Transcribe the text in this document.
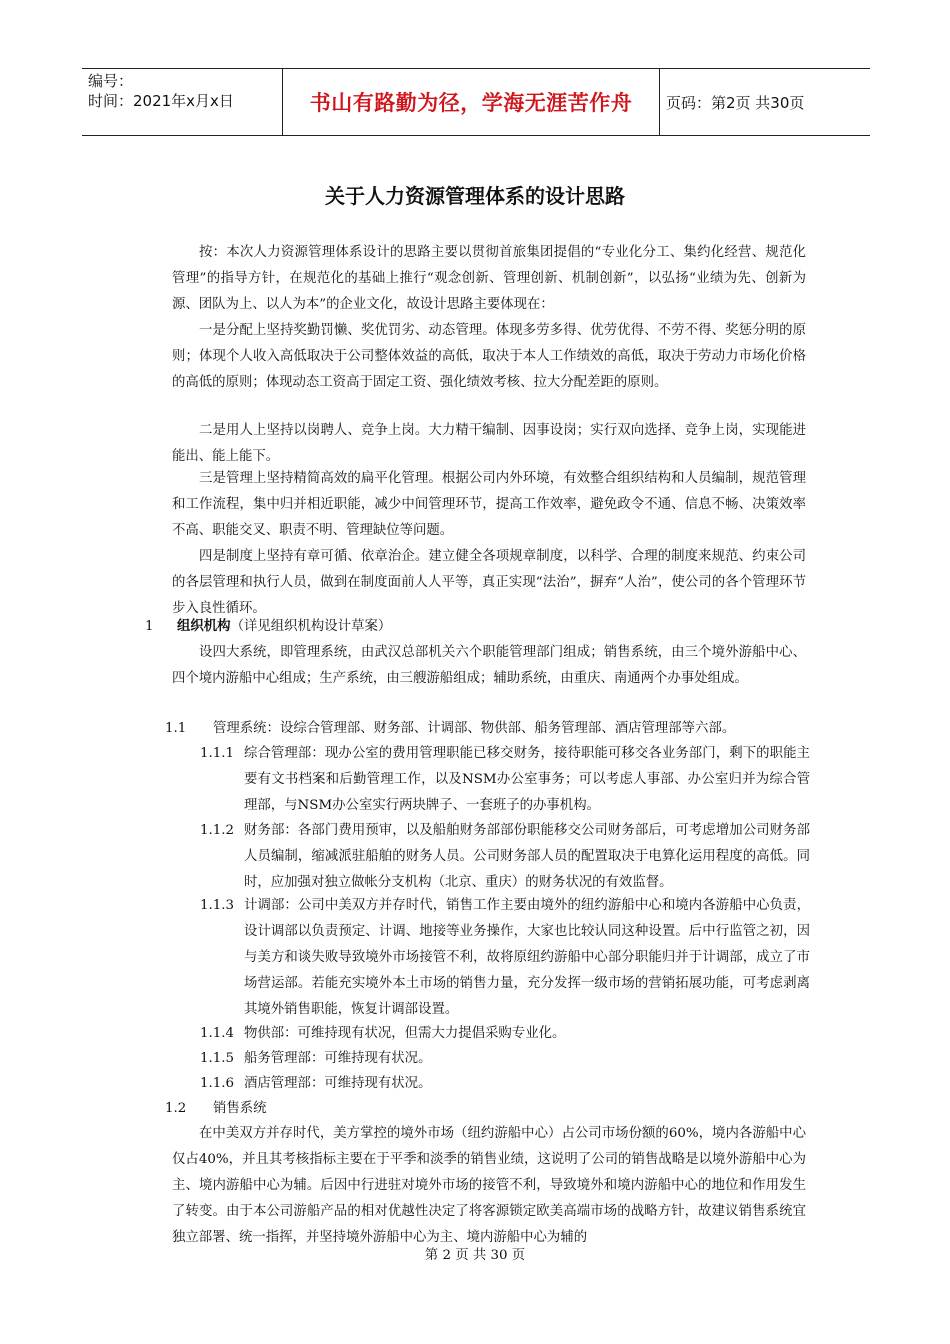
编号：
时间：2021年x月x日	书山有路勤为径，学海无涯苦作舟	页码：第2页 共30页
关于人力资源管理体系的设计思路

按：本次人力资源管理体系设计的思路主要以贯彻首旅集团提倡的“专业化分工、集约化经营、规范化管理”的指导方针，在规范化的基础上推行“观念创新、管理创新、机制创新”，以弘扬“业绩为先、创新为源、团队为上、以人为本”的企业文化，故设计思路主要体现在：

一是分配上坚持奖勤罚懒、奖优罚劣、动态管理。体现多劳多得、优劳优得、不劳不得、奖惩分明的原则；体现个人收入高低取决于公司整体效益的高低，取决于本人工作绩效的高低，取决于劳动力市场化价格的高低的原则；体现动态工资高于固定工资、强化绩效考核、拉大分配差距的原则。

二是用人上坚持以岗聘人、竞争上岗。大力精干编制、因事设岗；实行双向选择、竞争上岗，实现能进能出、能上能下。

三是管理上坚持精简高效的扁平化管理。根据公司内外环境，有效整合组织结构和人员编制，规范管理和工作流程，集中归并相近职能，减少中间管理环节，提高工作效率，避免政令不通、信息不畅、决策效率不高、职能交叉、职责不明、管理缺位等问题。

四是制度上坚持有章可循、依章治企。建立健全各项规章制度，以科学、合理的制度来规范、约束公司的各层管理和执行人员，做到在制度面前人人平等，真正实现“法治”，摒弃“人治”，使公司的各个管理环节步入良性循环。

1 组织机构（详见组织机构设计草案）

设四大系统，即管理系统，由武汉总部机关六个职能管理部门组成；销售系统，由三个境外游船中心、四个境内游船中心组成；生产系统，由三艘游船组成；辅助系统，由重庆、南通两个办事处组成。

1.1 管理系统：设综合管理部、财务部、计调部、物供部、船务管理部、酒店管理部等六部。
1.1.1 综合管理部：现办公室的费用管理职能已移交财务，接待职能可移交各业务部门，剩下的职能主要有文书档案和后勤管理工作，以及NSM办公室事务；可以考虑人事部、办公室归并为综合管理部，与NSM办公室实行两块牌子、一套班子的办事机构。
1.1.2 财务部：各部门费用预审，以及船舶财务部部份职能移交公司财务部后，可考虑增加公司财务部人员编制，缩减派驻船舶的财务人员。公司财务部人员的配置取决于电算化运用程度的高低。同时，应加强对独立做帐分支机构（北京、重庆）的财务状况的有效监督。
1.1.3 计调部：公司中美双方并存时代，销售工作主要由境外的纽约游船中心和境内各游船中心负责，设计调部以负责预定、计调、地接等业务操作，大家也比较认同这种设置。后中行监管之初，因与美方和谈失败导致境外市场接管不利，故将原纽约游船中心部分职能归并于计调部，成立了市场营运部。若能充实境外本土市场的销售力量，充分发挥一级市场的营销拓展功能，可考虑剥离其境外销售职能，恢复计调部设置。
1.1.4 物供部：可维持现有状况，但需大力提倡采购专业化。
1.1.5 船务管理部：可维持现有状况。
1.1.6 酒店管理部：可维持现有状况。
1.2 销售系统

在中美双方并存时代，美方掌控的境外市场（纽约游船中心）占公司市场份额的60%，境内各游船中心仅占40%，并且其考核指标主要在于平季和淡季的销售业绩，这说明了公司的销售战略是以境外游船中心为主、境内游船中心为辅。后因中行进驻对境外市场的接管不利，导致境外和境内游船中心的地位和作用发生了转变。由于本公司游船产品的相对优越性决定了将客源锁定欧美高端市场的战略方针，故建议销售系统宜独立部署、统一指挥，并坚持境外游船中心为主、境内游船中心为辅的

第 2 页 共 30 页
